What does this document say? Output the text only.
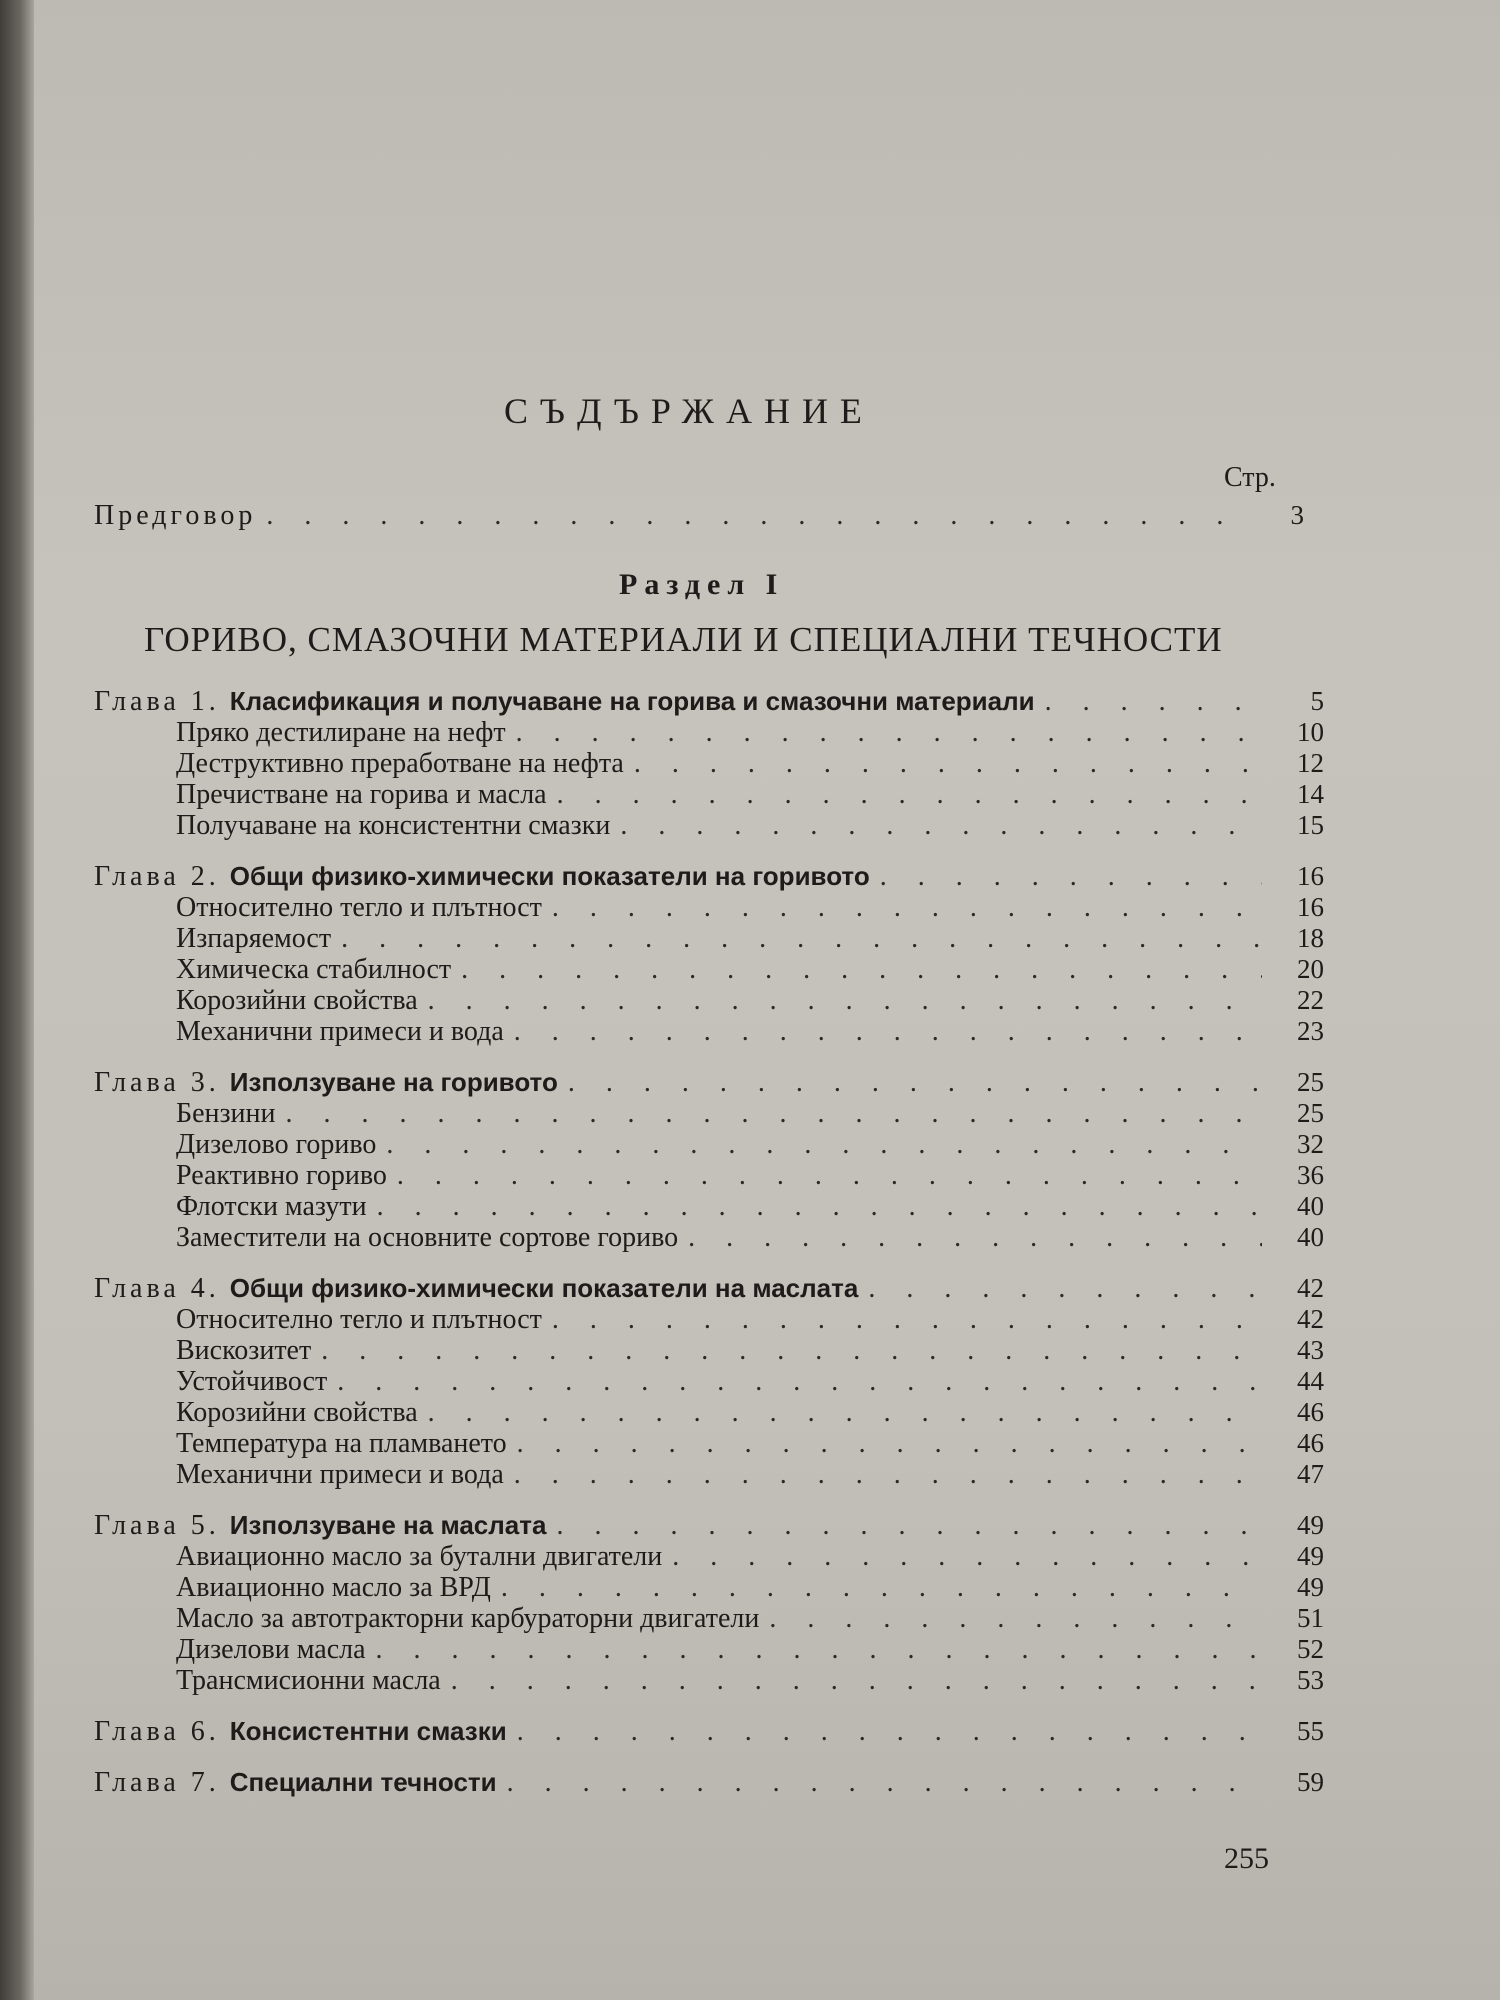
СЪДЪРЖАНИЕ
Стр.
Предговор . . .	3
Раздел I
ГОРИВО, СМАЗОЧНИ МАТЕРИАЛИ И СПЕЦИАЛНИ ТЕЧНОСТИ
Глава 1. Класификация и получаване на горива и смазочни материали . . .	5
Пряко дестилиране на нефт . . .	10
Деструктивно преработване на нефта . . .	12
Пречистване на горива и масла . . .	14
Получаване на консистентни смазки . . .	15
Глава 2. Общи физико-химически показатели на горивото . . .	16
Относително тегло и плътност . . .	16
Изпаряемост . . .	18
Химическа стабилност . . .	20
Корозийни свойства . . .	22
Механични примеси и вода . . .	23
Глава 3. Използуване на горивото . . .	25
Бензини . . .	25
Дизелово гориво . . .	32
Реактивно гориво . . .	36
Флотски мазути . . .	40
Заместители на основните сортове гориво . . .	40
Глава 4. Общи физико-химически показатели на маслата . . .	42
Относително тегло и плътност . . .	42
Вискозитет . . .	43
Устойчивост . . .	44
Корозийни свойства . . .	46
Температура на пламването . . .	46
Механични примеси и вода . . .	47
Глава 5. Използуване на маслата . . .	49
Авиационно масло за бутални двигатели . . .	49
Авиационно масло за ВРД . . .	49
Масло за автотракторни карбураторни двигатели . . .	51
Дизелови масла . . .	52
Трансмисионни масла . . .	53
Глава 6. Консистентни смазки . . .	55
Глава 7. Специални течности . . .	59
255
